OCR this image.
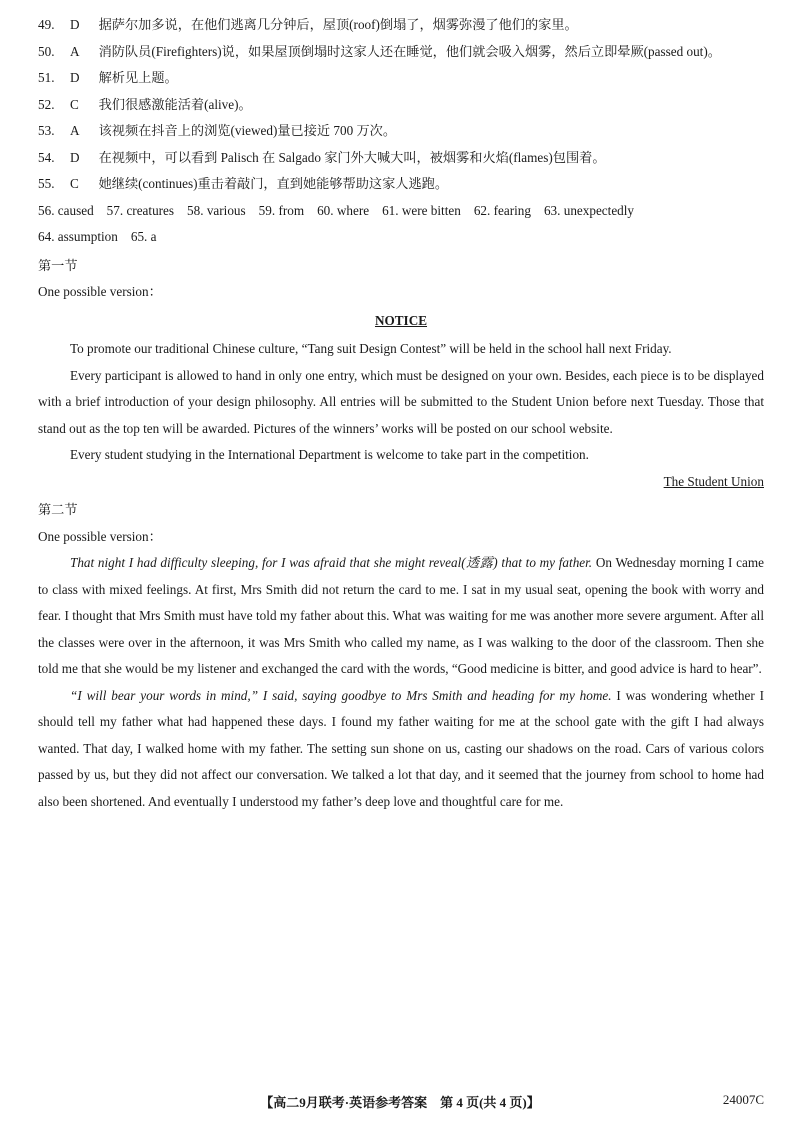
49. D 据萨尔加多说，在他们逃离几分钟后，屋顶(roof)倒塌了，烟雾弥漫了他们的家里。

50. A 消防队员(Firefighters)说，如果屋顶倒塌时这家人还在睡觉，他们就会吸入烟雾，然后立即晕厥(passed out)。

51. D 解析见上题。

52. C 我们很感激能活着(alive)。

53. A 该视频在抖音上的浏览(viewed)量已接近 700 万次。

54. D 在视频中，可以看到 Palisch 在 Salgado 家门外大喊大叫，被烟雾和火焰(flames)包围着。

55. C 她继续(continues)重击着敲门，直到她能够帮助这家人逃跑。

56. caused 57. creatures 58. various 59. from 60. where 61. were bitten 62. fearing 63. unexpectedly

64. assumption 65. a

第一节

One possible version：

NOTICE

To promote our traditional Chinese culture, “Tang suit Design Contest” will be held in the school hall next Friday.

Every participant is allowed to hand in only one entry, which must be designed on your own. Besides, each piece is to be displayed with a brief introduction of your design philosophy. All entries will be submitted to the Student Union before next Tuesday. Those that stand out as the top ten will be awarded. Pictures of the winners’ works will be posted on our school website.

Every student studying in the International Department is welcome to take part in the competition.

The Student Union

第二节

One possible version：

That night I had difficulty sleeping, for I was afraid that she might reveal(透露) that to my father. On Wednesday morning I came to class with mixed feelings. At first, Mrs Smith did not return the card to me. I sat in my usual seat, opening the book with worry and fear. I thought that Mrs Smith must have told my father about this. What was waiting for me was another more severe argument. After all the classes were over in the afternoon, it was Mrs Smith who called my name, as I was walking to the door of the classroom. Then she told me that she would be my listener and exchanged the card with the words, “Good medicine is bitter, and good advice is hard to hear”.

“I will bear your words in mind,” I said, saying goodbye to Mrs Smith and heading for my home. I was wondering whether I should tell my father what had happened these days. I found my father waiting for me at the school gate with the gift I had always wanted. That day, I walked home with my father. The setting sun shone on us, casting our shadows on the road. Cars of various colors passed by us, but they did not affect our conversation. We talked a lot that day, and it seemed that the journey from school to home had also been shortened. And eventually I understood my father’s deep love and thoughtful care for me.

【高二9月联考·英语参考答案　第 4 页(共 4 页)】	24007C
